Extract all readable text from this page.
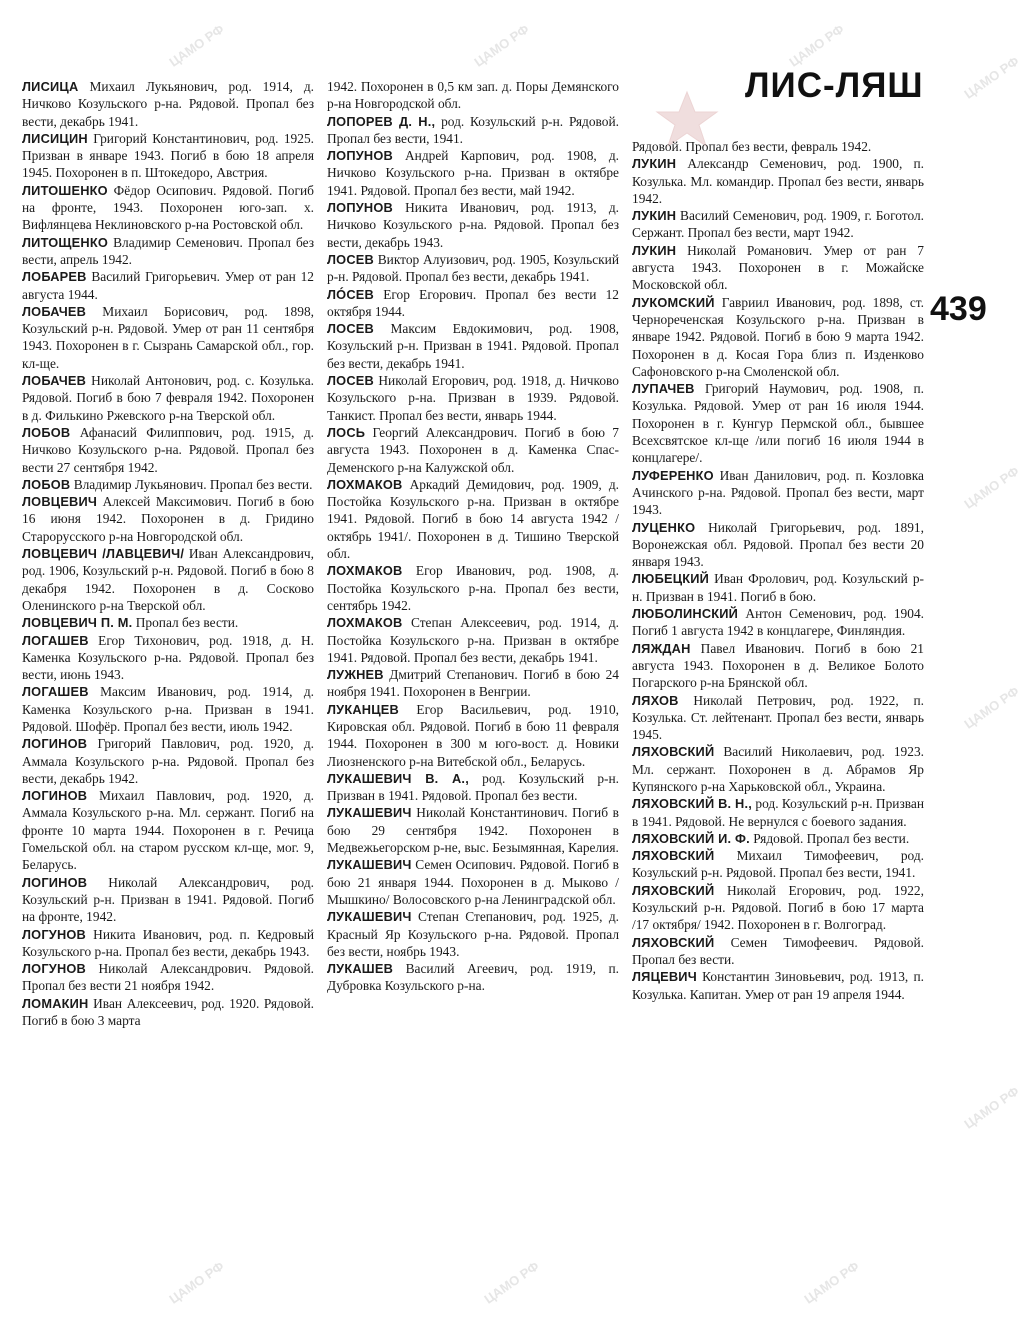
ЦАМО РФ	ЦАМО РФ	ЦАМО РФ
ЦАМО РФ
ЦАМО РФ
ЦАМО РФ
ЦАМО РФ
ЦАМО РФ	ЦАМО РФ	ЦАМО РФ
ЛИС-ЛЯШ
439

ЛИСИЦА Михаил Лукьянович, род. 1914, д. Ничково Козульского р-на. Рядовой. Пропал без вести, декабрь 1941.

ЛИСИЦИН Григорий Константинович, род. 1925. Призван в январе 1943. Погиб в бою 18 апреля 1945. Похоронен в п. Штокедоро, Австрия.

ЛИТОШЕНКО Фёдор Осипович. Рядовой. Погиб на фронте, 1943. Похоронен юго-зап. х. Вифлянцева Неклиновского р-на Ростовской обл.

ЛИТОЩЕНКО Владимир Семенович. Пропал без вести, апрель 1942.

ЛОБАРЕВ Василий Григорьевич. Умер от ран 12 августа 1944.

ЛОБАЧЕВ Михаил Борисович, род. 1898, Козульский р-н. Рядовой. Умер от ран 11 сентября 1943. Похоронен в г. Сызрань Самарской обл., гор. кл-ще.

ЛОБАЧЕВ Николай Антонович, род. с. Козулька. Рядовой. Погиб в бою 7 февраля 1942. Похоронен в д. Филькино Ржевского р-на Тверской обл.

ЛОБОВ Афанасий Филиппович, род. 1915, д. Ничково Козульского р-на. Рядовой. Пропал без вести 27 сентября 1942.

ЛОБОВ Владимир Лукьянович. Пропал без вести.

ЛОВЦЕВИЧ Алексей Максимович. Погиб в бою 16 июня 1942. Похоронен в д. Гридино Старорусского р-на Новгородской обл.

ЛОВЦЕВИЧ /ЛАВЦЕВИЧ/ Иван Александрович, род. 1906, Козульский р-н. Рядовой. Погиб в бою 8 декабря 1942. Похоронен в д. Сосково Оленинского р-на Тверской обл.

ЛОВЦЕВИЧ П. М. Пропал без вести.

ЛОГАШЕВ Егор Тихонович, род. 1918, д. Н. Каменка Козульского р-на. Рядовой. Пропал без вести, июнь 1943.

ЛОГАШЕВ Максим Иванович, род. 1914, д. Каменка Козульского р-на. Призван в 1941. Рядовой. Шофёр. Пропал без вести, июль 1942.

ЛОГИНОВ Григорий Павлович, род. 1920, д. Аммала Козульского р-на. Рядовой. Пропал без вести, декабрь 1942.

ЛОГИНОВ Михаил Павлович, род. 1920, д. Аммала Козульского р-на. Мл. сержант. Погиб на фронте 10 марта 1944. Похоронен в г. Речица Гомельской обл. на старом русском кл-ще, мог. 9, Беларусь.

ЛОГИНОВ Николай Александрович, род. Козульский р-н. Призван в 1941. Рядовой. Погиб на фронте, 1942.

ЛОГУНОВ Никита Иванович, род. п. Кедровый Козульского р-на. Пропал без вести, декабрь 1943.

ЛОГУНОВ Николай Александрович. Рядовой. Пропал без вести 21 ноября 1942.

ЛОМАКИН Иван Алексеевич, род. 1920. Рядовой. Погиб в бою 3 марта

1942. Похоронен в 0,5 км зап. д. Поры Демянского р-на Новгородской обл.

ЛОПОРЕВ Д. Н., род. Козульский р-н. Рядовой. Пропал без вести, 1941.

ЛОПУНОВ Андрей Карпович, род. 1908, д. Ничково Козульского р-на. Призван в октябре 1941. Рядовой. Пропал без вести, май 1942.

ЛОПУНОВ Никита Иванович, род. 1913, д. Ничково Козульского р-на. Рядовой. Пропал без вести, декабрь 1943.

ЛОСЕВ Виктор Алуизович, род. 1905, Козульский р-н. Рядовой. Пропал без вести, декабрь 1941.

ЛÓСЕВ Егор Егорович. Пропал без вести 12 октября 1944.

ЛОСЕВ Максим Евдокимович, род. 1908, Козульский р-н. Призван в 1941. Рядовой. Пропал без вести, декабрь 1941.

ЛОСЕВ Николай Егорович, род. 1918, д. Ничково Козульского р-на. Призван в 1939. Рядовой. Танкист. Пропал без вести, январь 1944.

ЛОСЬ Георгий Александрович. Погиб в бою 7 августа 1943. Похоронен в д. Каменка Спас-Деменского р-на Калужской обл.

ЛОХМАКОВ Аркадий Демидович, род. 1909, д. Постойка Козульского р-на. Призван в октябре 1941. Рядовой. Погиб в бою 14 августа 1942 /октябрь 1941/. Похоронен в д. Тишино Тверской обл.

ЛОХМАКОВ Егор Иванович, род. 1908, д. Постойка Козульского р-на. Пропал без вести, сентябрь 1942.

ЛОХМАКОВ Степан Алексеевич, род. 1914, д. Постойка Козульского р-на. Призван в октябре 1941. Рядовой. Пропал без вести, декабрь 1941.

ЛУЖНЕВ Дмитрий Степанович. Погиб в бою 24 ноября 1941. Похоронен в Венгрии.

ЛУКАНЦЕВ Егор Васильевич, род. 1910, Кировская обл. Рядовой. Погиб в бою 11 февраля 1944. Похоронен в 300 м юго-вост. д. Новики Лиозненского р-на Витебской обл., Беларусь.

ЛУКАШЕВИЧ В. А., род. Козульский р-н. Призван в 1941. Рядовой. Пропал без вести.

ЛУКАШЕВИЧ Николай Константинович. Погиб в бою 29 сентября 1942. Похоронен в Медвежьегорском р-не, выс. Безымянная, Карелия.

ЛУКАШЕВИЧ Семен Осипович. Рядовой. Погиб в бою 21 января 1944. Похоронен в д. Мыково /Мышкино/ Волосовского р-на Ленинградской обл.

ЛУКАШЕВИЧ Степан Степанович, род. 1925, д. Красный Яр Козульского р-на. Рядовой. Пропал без вести, ноябрь 1943.

ЛУКАШЕВ Василий Агеевич, род. 1919, п. Дубровка Козульского р-на.

Рядовой. Пропал без вести, февраль 1942.

ЛУКИН Александр Семенович, род. 1900, п. Козулька. Мл. командир. Пропал без вести, январь 1942.

ЛУКИН Василий Семенович, род. 1909, г. Боготол. Сержант. Пропал без вести, март 1942.

ЛУКИН Николай Романович. Умер от ран 7 августа 1943. Похоронен в г. Можайске Московской обл.

ЛУКОМСКИЙ Гавриил Иванович, род. 1898, ст. Чернореченская Козульского р-на. Призван в январе 1942. Рядовой. Погиб в бою 9 марта 1942. Похоронен в д. Косая Гора близ п. Изденково Сафоновского р-на Смоленской обл.

ЛУПАЧЕВ Григорий Наумович, род. 1908, п. Козулька. Рядовой. Умер от ран 16 июля 1944. Похоронен в г. Кунгур Пермской обл., бывшее Всехсвятское кл-ще /или погиб 16 июля 1944 в концлагере/.

ЛУФЕРЕНКО Иван Данилович, род. п. Козловка Ачинского р-на. Рядовой. Пропал без вести, март 1943.

ЛУЦЕНКО Николай Григорьевич, род. 1891, Воронежская обл. Рядовой. Пропал без вести 20 января 1943.

ЛЮБЕЦКИЙ Иван Фролович, род. Козульский р-н. Призван в 1941. Погиб в бою.

ЛЮБОЛИНСКИЙ Антон Семенович, род. 1904. Погиб 1 августа 1942 в концлагере, Финляндия.

ЛЯЖДАН Павел Иванович. Погиб в бою 21 августа 1943. Похоронен в д. Великое Болото Погарского р-на Брянской обл.

ЛЯХОВ Николай Петрович, род. 1922, п. Козулька. Ст. лейтенант. Пропал без вести, январь 1945.

ЛЯХОВСКИЙ Василий Николаевич, род. 1923. Мл. сержант. Похоронен в д. Абрамов Яр Купянского р-на Харьковской обл., Украина.

ЛЯХОВСКИЙ В. Н., род. Козульский р-н. Призван в 1941. Рядовой. Не вернулся с боевого задания.

ЛЯХОВСКИЙ И. Ф. Рядовой. Пропал без вести.

ЛЯХОВСКИЙ Михаил Тимофеевич, род. Козульский р-н. Рядовой. Пропал без вести, 1941.

ЛЯХОВСКИЙ Николай Егорович, род. 1922, Козульский р-н. Рядовой. Погиб в бою 17 марта /17 октября/ 1942. Похоронен в г. Волгоград.

ЛЯХОВСКИЙ Семен Тимофеевич. Рядовой. Пропал без вести.

ЛЯЦЕВИЧ Константин Зиновьевич, род. 1913, п. Козулька. Капитан. Умер от ран 19 апреля 1944.
